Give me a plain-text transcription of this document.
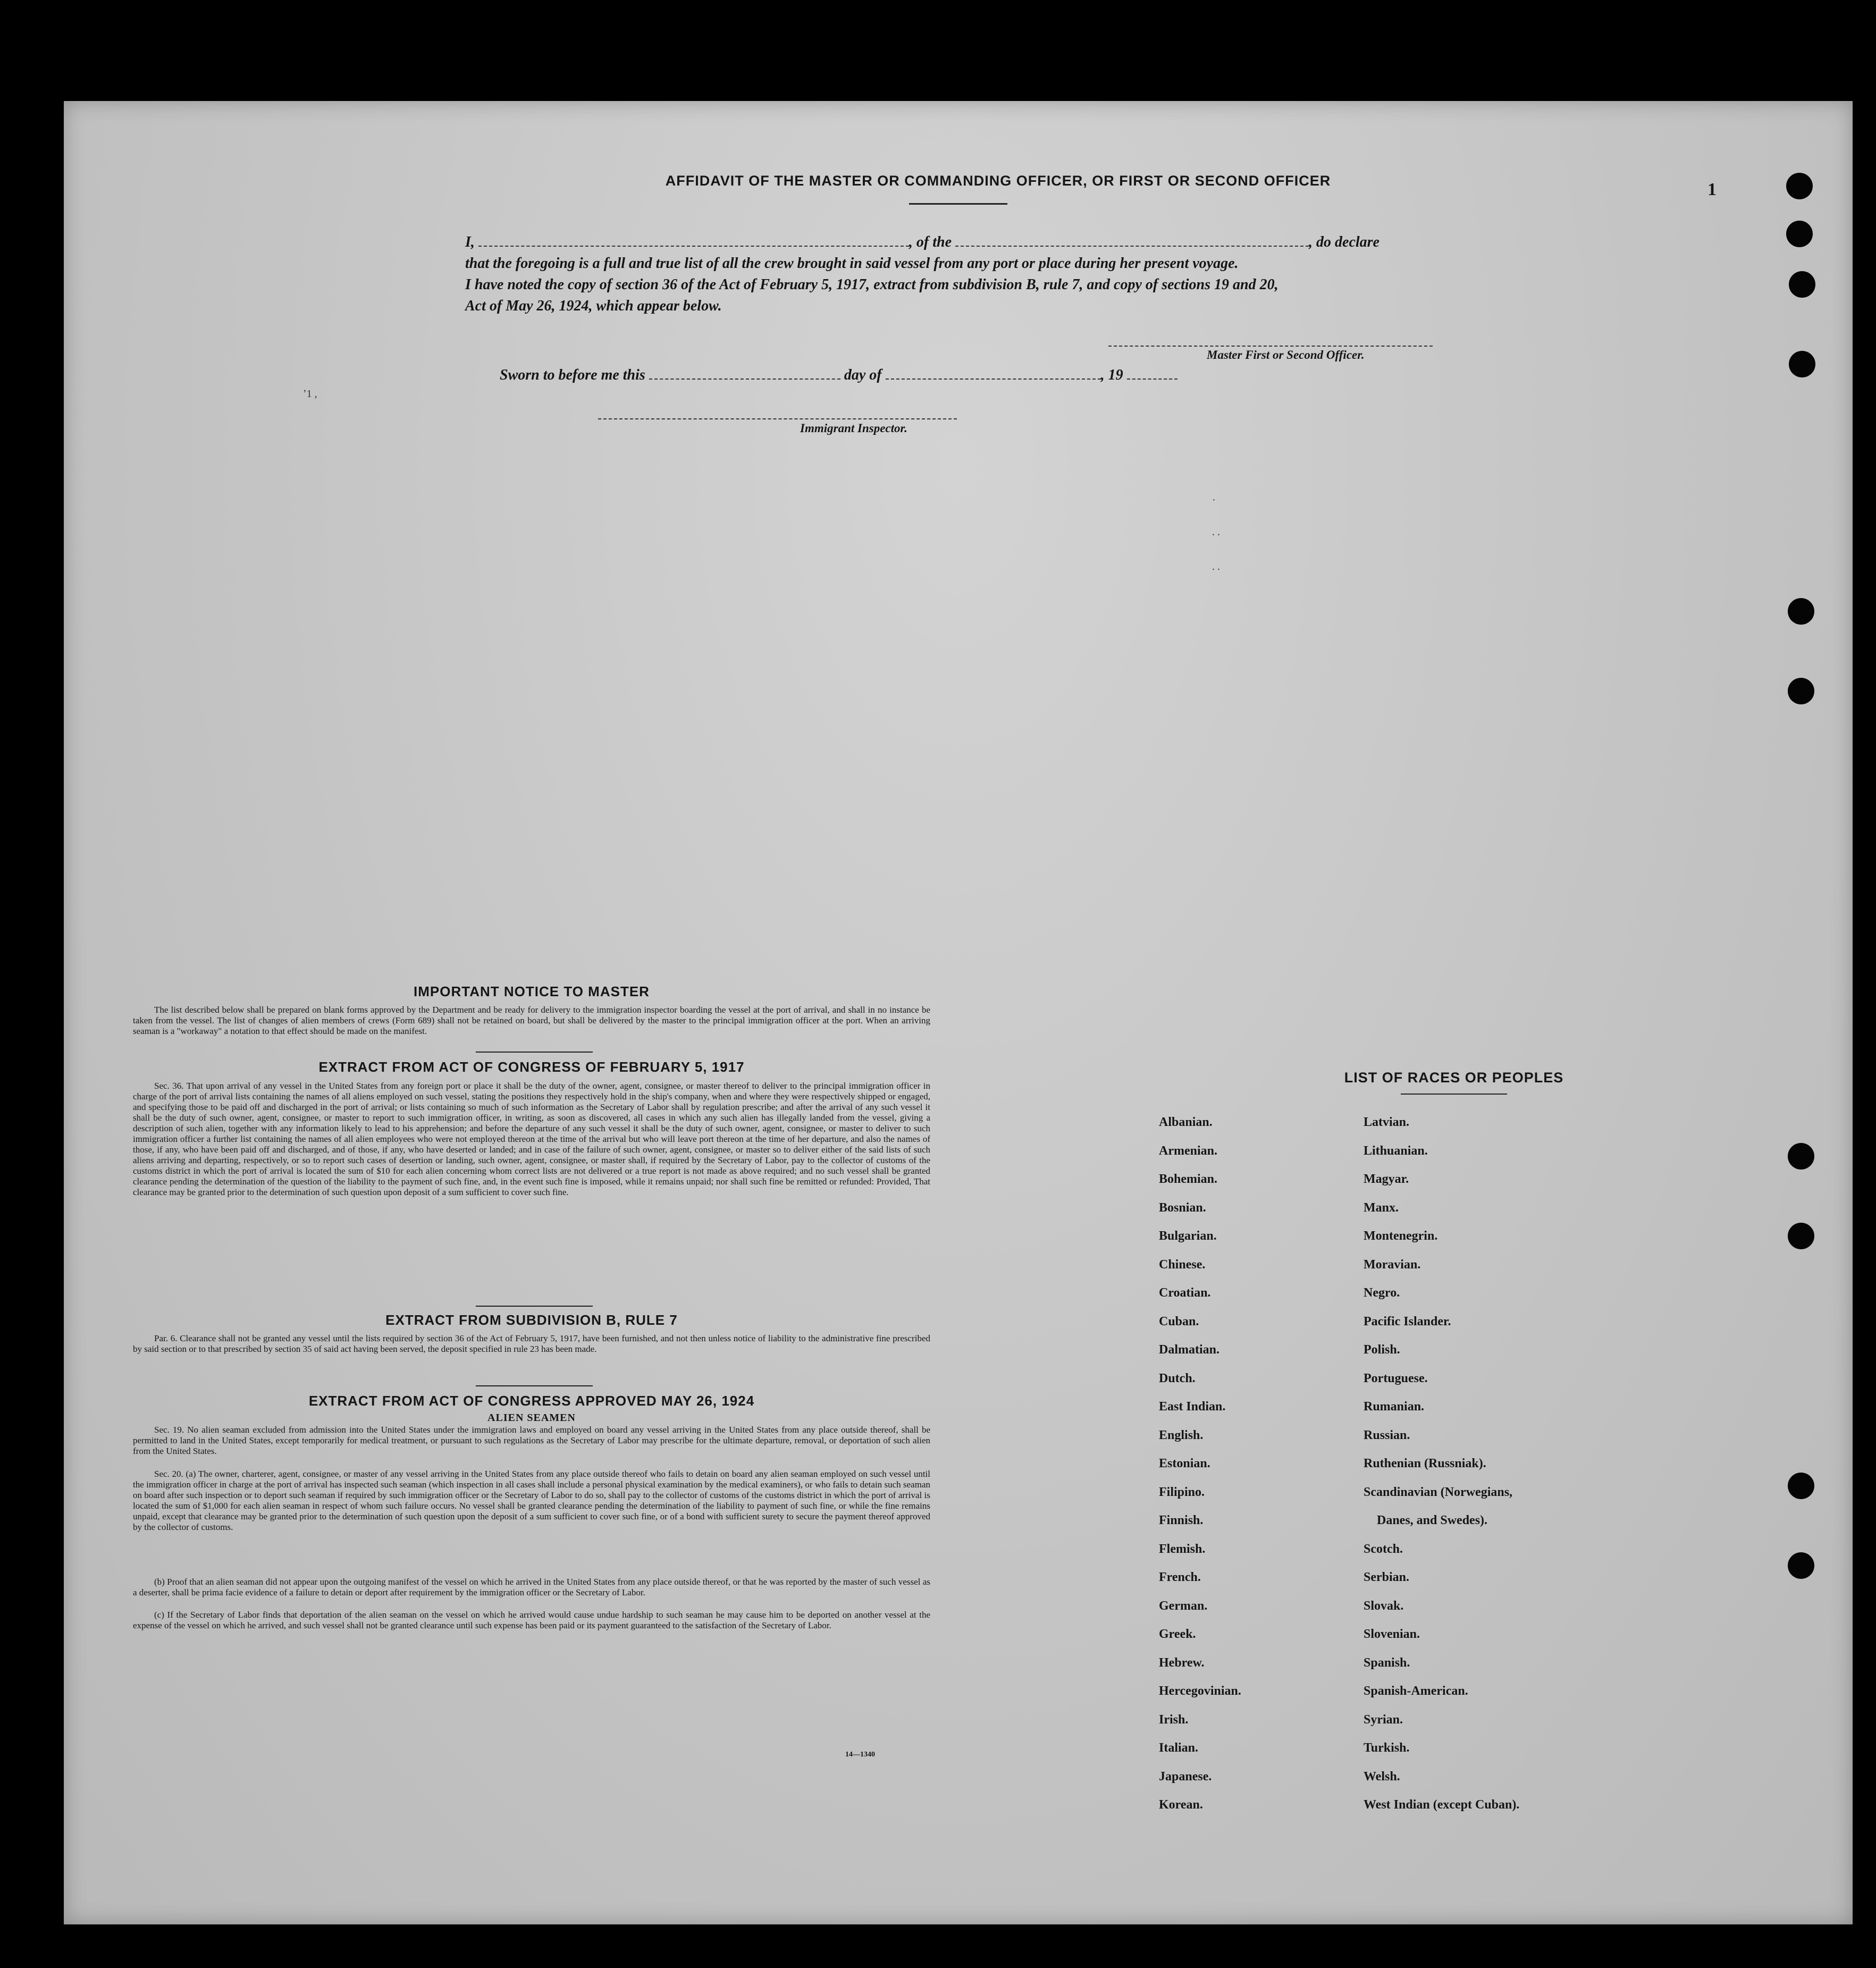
AFFIDAVIT OF THE MASTER OR COMMANDING OFFICER, OR FIRST OR SECOND OFFICER	1
I,	, of the	, do declare
that the foregoing is a full and true list of all the crew brought in said vessel from any port or place during her present voyage.
I have noted the copy of section 36 of the Act of February 5, 1917, extract from subdivision B, rule 7, and copy of sections 19 and 20,
Act of May 26, 1924, which appear below.
Master First or Second Officer.
Sworn to before me this	day of	, 19
Immigrant Inspector.
ʼ1 ,
·
. .
. .
IMPORTANT NOTICE TO MASTER
The list described below shall be prepared on blank forms approved by the Department and be ready for delivery to the immigration inspector boarding the vessel at the port of arrival, and shall in no instance be taken from the vessel. The list of changes of alien members of crews (Form 689) shall not be retained on board, but shall be delivered by the master to the principal immigration officer at the port. When an arriving seaman is a "workaway" a notation to that effect should be made on the manifest.
EXTRACT FROM ACT OF CONGRESS OF FEBRUARY 5, 1917
Sec. 36. That upon arrival of any vessel in the United States from any foreign port or place it shall be the duty of the owner, agent, consignee, or master thereof to deliver to the principal immigration officer in charge of the port of arrival lists containing the names of all aliens employed on such vessel, stating the positions they respectively hold in the ship's company, when and where they were respectively shipped or engaged, and specifying those to be paid off and discharged in the port of arrival; or lists containing so much of such information as the Secretary of Labor shall by regulation prescribe; and after the arrival of any such vessel it shall be the duty of such owner, agent, consignee, or master to report to such immigration officer, in writing, as soon as discovered, all cases in which any such alien has illegally landed from the vessel, giving a description of such alien, together with any information likely to lead to his apprehension; and before the departure of any such vessel it shall be the duty of such owner, agent, consignee, or master to deliver to such immigration officer a further list containing the names of all alien employees who were not employed thereon at the time of the arrival but who will leave port thereon at the time of her departure, and also the names of those, if any, who have been paid off and discharged, and of those, if any, who have deserted or landed; and in case of the failure of such owner, agent, consignee, or master so to deliver either of the said lists of such aliens arriving and departing, respectively, or so to report such cases of desertion or landing, such owner, agent, consignee, or master shall, if required by the Secretary of Labor, pay to the collector of customs of the customs district in which the port of arrival is located the sum of $10 for each alien concerning whom correct lists are not delivered or a true report is not made as above required; and no such vessel shall be granted clearance pending the determination of the question of the liability to the payment of such fine, and, in the event such fine is imposed, while it remains unpaid; nor shall such fine be remitted or refunded: Provided, That clearance may be granted prior to the determination of such question upon deposit of a sum sufficient to cover such fine.
EXTRACT FROM SUBDIVISION B, RULE 7
Par. 6. Clearance shall not be granted any vessel until the lists required by section 36 of the Act of February 5, 1917, have been furnished, and not then unless notice of liability to the administrative fine prescribed by said section or to that prescribed by section 35 of said act having been served, the deposit specified in rule 23 has been made.
EXTRACT FROM ACT OF CONGRESS APPROVED MAY 26, 1924
ALIEN SEAMEN
Sec. 19. No alien seaman excluded from admission into the United States under the immigration laws and employed on board any vessel arriving in the United States from any place outside thereof, shall be permitted to land in the United States, except temporarily for medical treatment, or pursuant to such regulations as the Secretary of Labor may prescribe for the ultimate departure, removal, or deportation of such alien from the United States.
Sec. 20. (a) The owner, charterer, agent, consignee, or master of any vessel arriving in the United States from any place outside thereof who fails to detain on board any alien seaman employed on such vessel until the immigration officer in charge at the port of arrival has inspected such seaman (which inspection in all cases shall include a personal physical examination by the medical examiners), or who fails to detain such seaman on board after such inspection or to deport such seaman if required by such immigration officer or the Secretary of Labor to do so, shall pay to the collector of customs of the customs district in which the port of arrival is located the sum of $1,000 for each alien seaman in respect of whom such failure occurs. No vessel shall be granted clearance pending the determination of the liability to payment of such fine, or while the fine remains unpaid, except that clearance may be granted prior to the determination of such question upon the deposit of a sum sufficient to cover such fine, or of a bond with sufficient surety to secure the payment thereof approved by the collector of customs.
(b) Proof that an alien seaman did not appear upon the outgoing manifest of the vessel on which he arrived in the United States from any place outside thereof, or that he was reported by the master of such vessel as a deserter, shall be prima facie evidence of a failure to detain or deport after requirement by the immigration officer or the Secretary of Labor.
(c) If the Secretary of Labor finds that deportation of the alien seaman on the vessel on which he arrived would cause undue hardship to such seaman he may cause him to be deported on another vessel at the expense of the vessel on which he arrived, and such vessel shall not be granted clearance until such expense has been paid or its payment guaranteed to the satisfaction of the Secretary of Labor.
14—1340
LIST OF RACES OR PEOPLES
Albanian.
Armenian.
Bohemian.
Bosnian.
Bulgarian.
Chinese.
Croatian.
Cuban.
Dalmatian.
Dutch.
East Indian.
English.
Estonian.
Filipino.
Finnish.
Flemish.
French.
German.
Greek.
Hebrew.
Hercegovinian.
Irish.
Italian.
Japanese.
Korean.
Latvian.
Lithuanian.
Magyar.
Manx.
Montenegrin.
Moravian.
Negro.
Pacific Islander.
Polish.
Portuguese.
Rumanian.
Russian.
Ruthenian (Russniak).
Scandinavian (Norwegians,
Danes, and Swedes).
Scotch.
Serbian.
Slovak.
Slovenian.
Spanish.
Spanish-American.
Syrian.
Turkish.
Welsh.
West Indian (except Cuban).
